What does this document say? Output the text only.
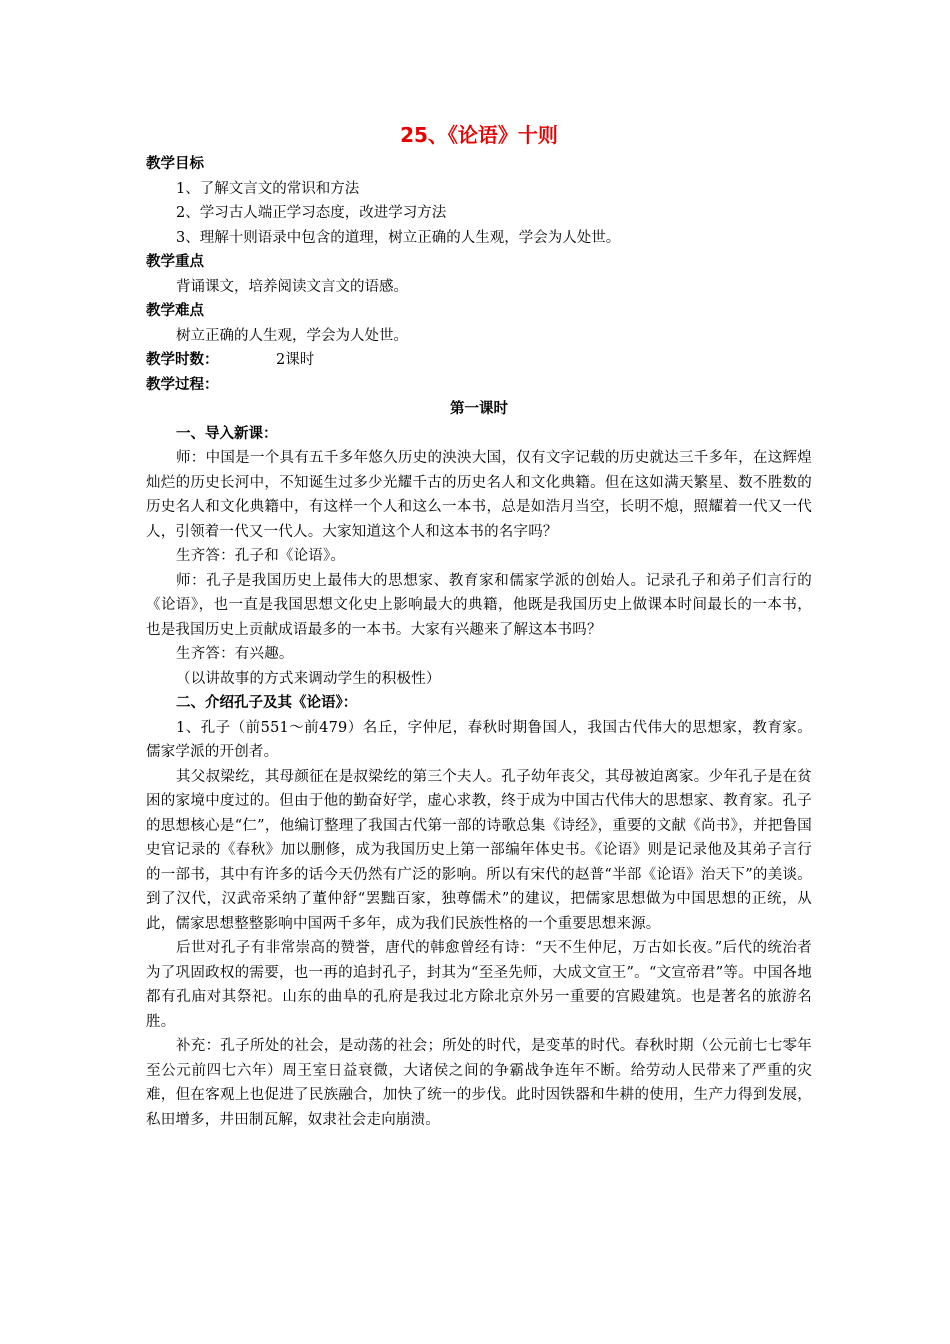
25、《论语》十则

教学目标

1、了解文言文的常识和方法

2、学习古人端正学习态度，改进学习方法

3、理解十则语录中包含的道理，树立正确的人生观，学会为人处世。

教学重点

背诵课文，培养阅读文言文的语感。

教学难点

树立正确的人生观，学会为人处世。

教学时数：	2课时

教学过程：

第一课时

一、导入新课：

师：中国是一个具有五千多年悠久历史的泱泱大国，仅有文字记载的历史就达三千多年，在这辉煌灿烂的历史长河中，不知诞生过多少光耀千古的历史名人和文化典籍。但在这如满天繁星、数不胜数的历史名人和文化典籍中，有这样一个人和这么一本书，总是如浩月当空，长明不熄，照耀着一代又一代人，引领着一代又一代人。大家知道这个人和这本书的名字吗？

生齐答：孔子和《论语》。

师：孔子是我国历史上最伟大的思想家、教育家和儒家学派的创始人。记录孔子和弟子们言行的《论语》，也一直是我国思想文化史上影响最大的典籍，他既是我国历史上做课本时间最长的一本书，也是我国历史上贡献成语最多的一本书。大家有兴趣来了解这本书吗？

生齐答：有兴趣。

（以讲故事的方式来调动学生的积极性）

二、介绍孔子及其《论语》：

1、孔子（前551～前479）名丘，字仲尼，春秋时期鲁国人，我国古代伟大的思想家，教育家。儒家学派的开创者。

其父叔梁纥，其母颜征在是叔梁纥的第三个夫人。孔子幼年丧父，其母被迫离家。少年孔子是在贫困的家境中度过的。但由于他的勤奋好学，虚心求教，终于成为中国古代伟大的思想家、教育家。孔子的思想核心是“仁”，他编订整理了我国古代第一部的诗歌总集《诗经》，重要的文献《尚书》，并把鲁国史官记录的《春秋》加以删修，成为我国历史上第一部编年体史书。《论语》则是记录他及其弟子言行的一部书，其中有许多的话今天仍然有广泛的影响。所以有宋代的赵普“半部《论语》治天下”的美谈。到了汉代，汉武帝采纳了董仲舒“罢黜百家，独尊儒术”的建议，把儒家思想做为中国思想的正统，从此，儒家思想整整影响中国两千多年，成为我们民族性格的一个重要思想来源。

后世对孔子有非常崇高的赞誉，唐代的韩愈曾经有诗：“天不生仲尼，万古如长夜。”后代的统治者为了巩固政权的需要，也一再的追封孔子，封其为“至圣先师，大成文宣王”。“文宣帝君”等。中国各地都有孔庙对其祭祀。山东的曲阜的孔府是我过北方除北京外另一重要的宫殿建筑。也是著名的旅游名胜。

补充：孔子所处的社会，是动荡的社会；所处的时代，是变革的时代。春秋时期（公元前七七零年至公元前四七六年）周王室日益衰微，大诸侯之间的争霸战争连年不断。给劳动人民带来了严重的灾难，但在客观上也促进了民族融合，加快了统一的步伐。此时因铁器和牛耕的使用，生产力得到发展，私田增多，井田制瓦解，奴隶社会走向崩溃。
